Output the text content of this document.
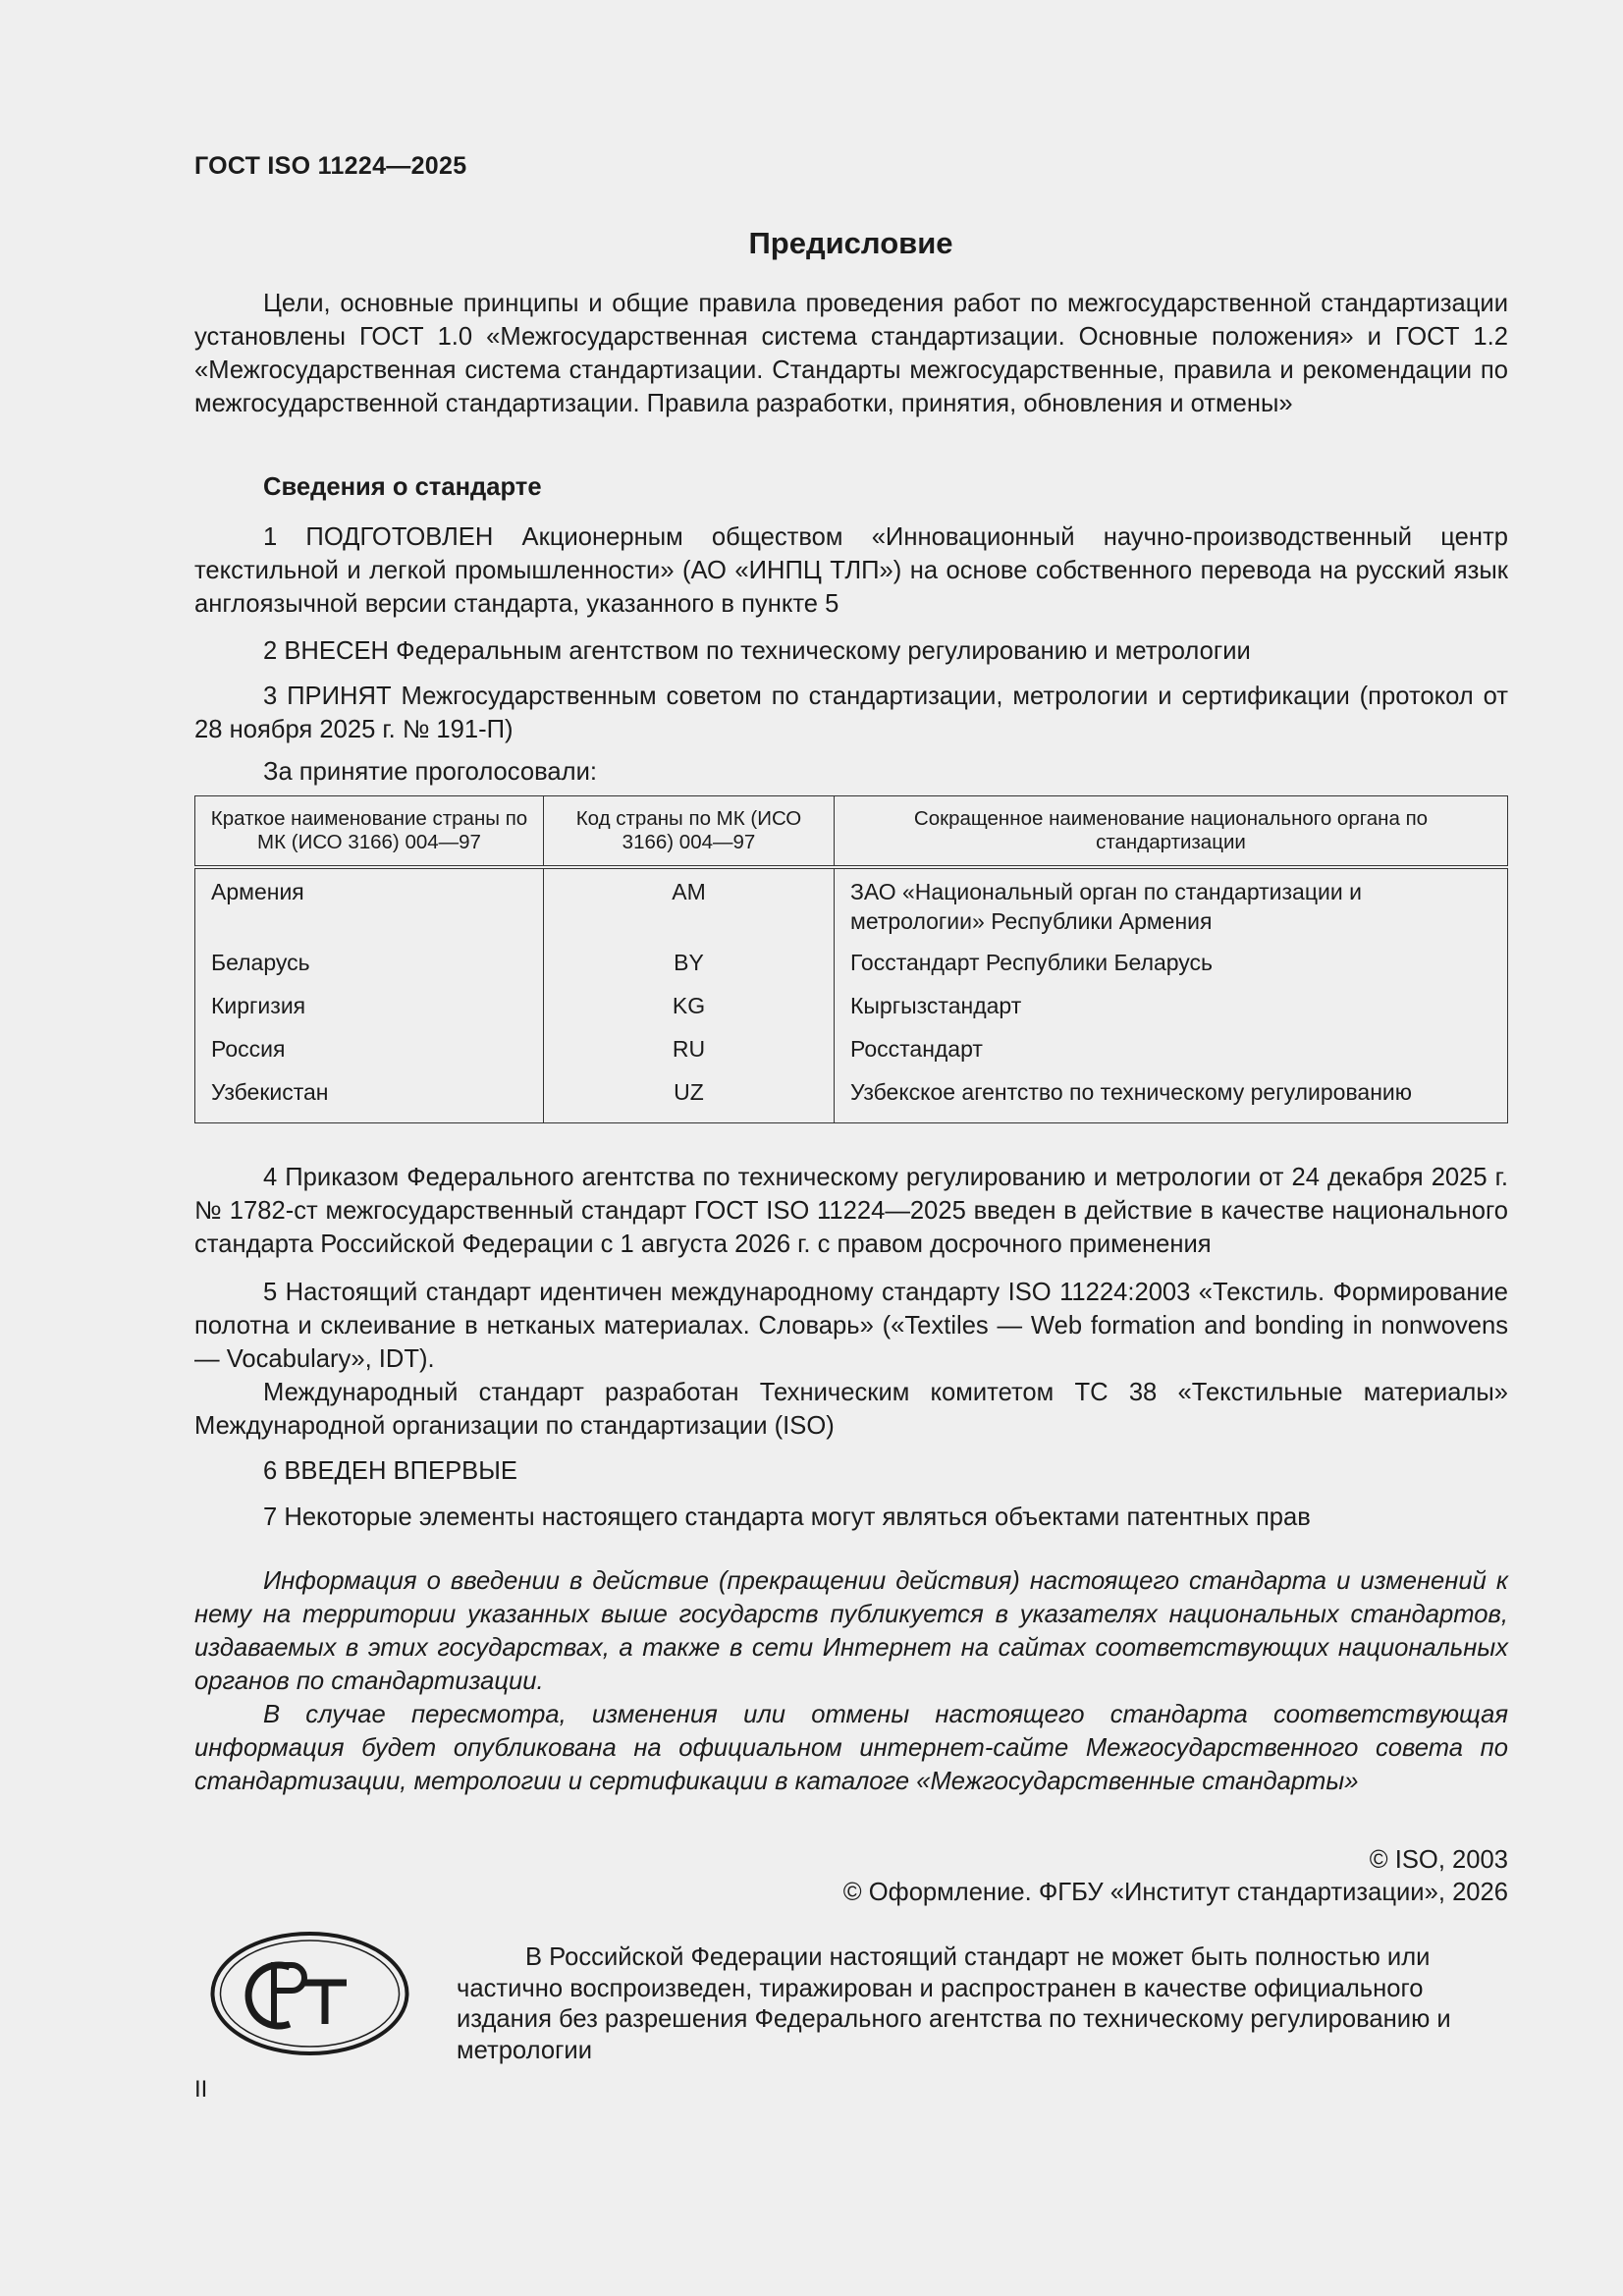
ГОСТ ISO 11224—2025
Предисловие

Цели, основные принципы и общие правила проведения работ по межгосударственной стандартизации установлены ГОСТ 1.0 «Межгосударственная система стандартизации. Основные положения» и ГОСТ 1.2 «Межгосударственная система стандартизации. Стандарты межгосударственные, правила и рекомендации по межгосударственной стандартизации. Правила разработки, принятия, обновления и отмены»

Сведения о стандарте

1 ПОДГОТОВЛЕН Акционерным обществом «Инновационный научно-производственный центр текстильной и легкой промышленности» (АО «ИНПЦ ТЛП») на основе собственного перевода на русский язык англоязычной версии стандарта, указанного в пункте 5

2 ВНЕСЕН Федеральным агентством по техническому регулированию и метрологии

3 ПРИНЯТ Межгосударственным советом по стандартизации, метрологии и сертификации (протокол от 28 ноября 2025 г. № 191-П)

За принятие проголосовали:
Краткое наименование страны по МК (ИСО 3166) 004—97	Код страны по МК (ИСО 3166) 004—97	Сокращенное наименование национального органа по стандартизации
Армения	AM	ЗАО «Национальный орган по стандартизации и метрологии» Республики Армения
Беларусь	BY	Госстандарт Республики Беларусь
Киргизия	KG	Кыргызстандарт
Россия	RU	Росстандарт
Узбекистан	UZ	Узбекское агентство по техническому регулированию

4 Приказом Федерального агентства по техническому регулированию и метрологии от 24 декабря 2025 г. № 1782-ст межгосударственный стандарт ГОСТ ISO 11224—2025 введен в действие в качестве национального стандарта Российской Федерации с 1 августа 2026 г. с правом досрочного применения

5 Настоящий стандарт идентичен международному стандарту ISO 11224:2003 «Текстиль. Формирование полотна и склеивание в нетканых материалах. Словарь» («Textiles — Web formation and bonding in nonwovens — Vocabulary», IDT).

Международный стандарт разработан Техническим комитетом ТС 38 «Текстильные материалы» Международной организации по стандартизации (ISO)

6 ВВЕДЕН ВПЕРВЫЕ

7 Некоторые элементы настоящего стандарта могут являться объектами патентных прав

Информация о введении в действие (прекращении действия) настоящего стандарта и изменений к нему на территории указанных выше государств публикуется в указателях национальных стандартов, издаваемых в этих государствах, а также в сети Интернет на сайтах соответствующих национальных органов по стандартизации.

В случае пересмотра, изменения или отмены настоящего стандарта соответствующая информация будет опубликована на официальном интернет-сайте Межгосударственного совета по стандартизации, метрологии и сертификации в каталоге «Межгосударственные стандарты»

© ISO, 2003
© Оформление. ФГБУ «Институт стандартизации», 2026

В Российской Федерации настоящий стандарт не может быть полностью или частично воспроизведен, тиражирован и распространен в качестве официального издания без разрешения Федерального агентства по техническому регулированию и метрологии

II
